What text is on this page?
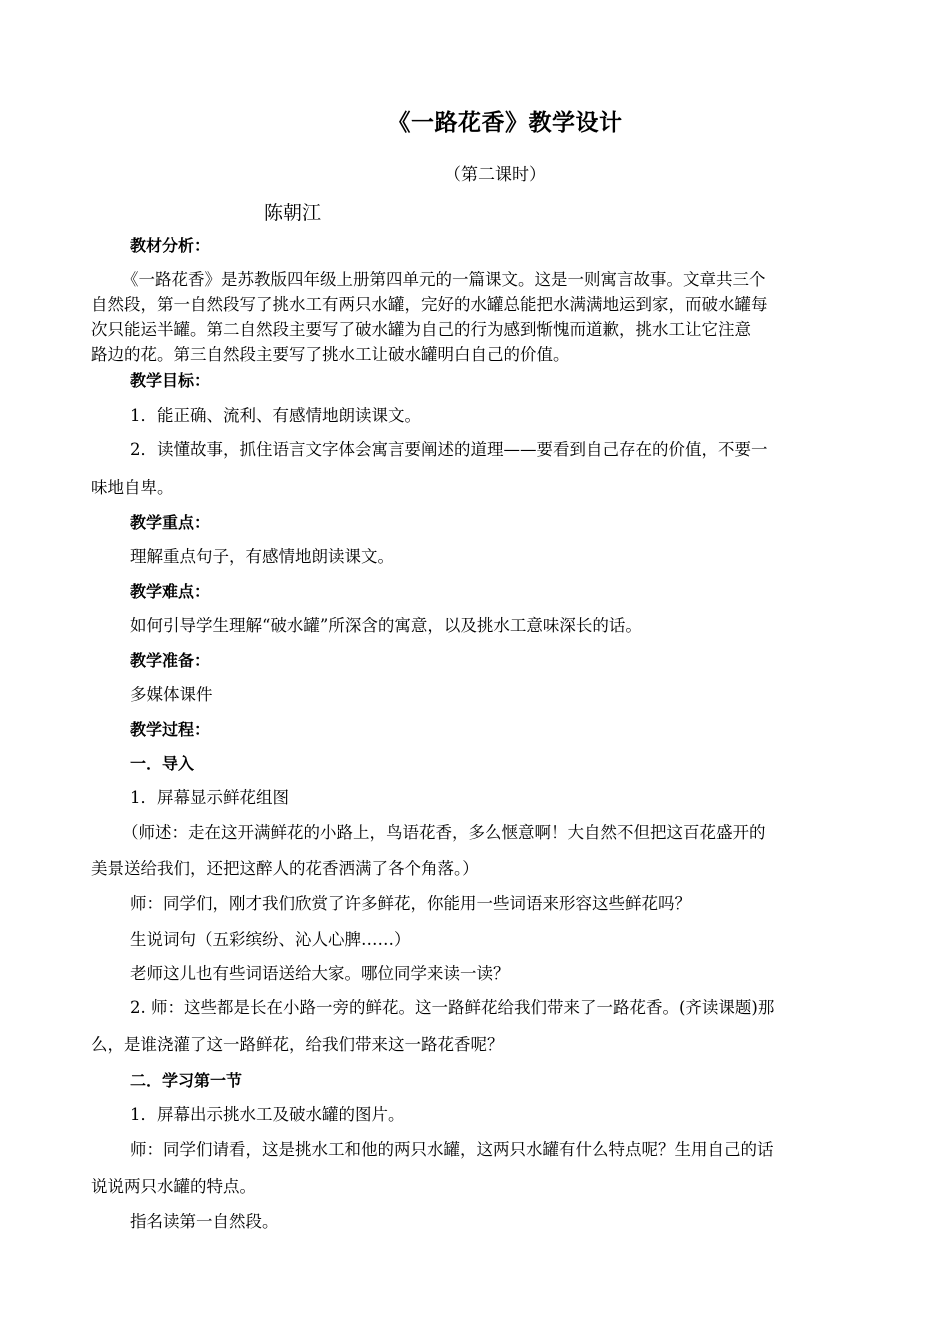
《一路花香》教学设计
（第二课时）
陈朝江
教材分析：
《一路花香》是苏教版四年级上册第四单元的一篇课文。这是一则寓言故事。文章共三个
自然段，第一自然段写了挑水工有两只水罐，完好的水罐总能把水满满地运到家，而破水罐每
次只能运半罐。第二自然段主要写了破水罐为自己的行为感到惭愧而道歉，挑水工让它注意
路边的花。第三自然段主要写了挑水工让破水罐明白自己的价值。
教学目标：
1．能正确、流利、有感情地朗读课文。
2．读懂故事，抓住语言文字体会寓言要阐述的道理——要看到自己存在的价值，不要一
味地自卑。
教学重点：
理解重点句子，有感情地朗读课文。
教学难点：
如何引导学生理解“破水罐”所深含的寓意，以及挑水工意味深长的话。
教学准备：
多媒体课件
教学过程：
一．导入
1．屏幕显示鲜花组图
（师述：走在这开满鲜花的小路上，鸟语花香，多么惬意啊！大自然不但把这百花盛开的
美景送给我们，还把这醉人的花香洒满了各个角落。）
师：同学们，刚才我们欣赏了许多鲜花，你能用一些词语来形容这些鲜花吗？
生说词句（五彩缤纷、沁人心脾……）
老师这儿也有些词语送给大家。哪位同学来读一读？
2. 师：这些都是长在小路一旁的鲜花。这一路鲜花给我们带来了一路花香。(齐读课题)那
么，是谁浇灌了这一路鲜花，给我们带来这一路花香呢？
二．学习第一节
1．屏幕出示挑水工及破水罐的图片。
师：同学们请看，这是挑水工和他的两只水罐，这两只水罐有什么特点呢？生用自己的话
说说两只水罐的特点。
指名读第一自然段。
